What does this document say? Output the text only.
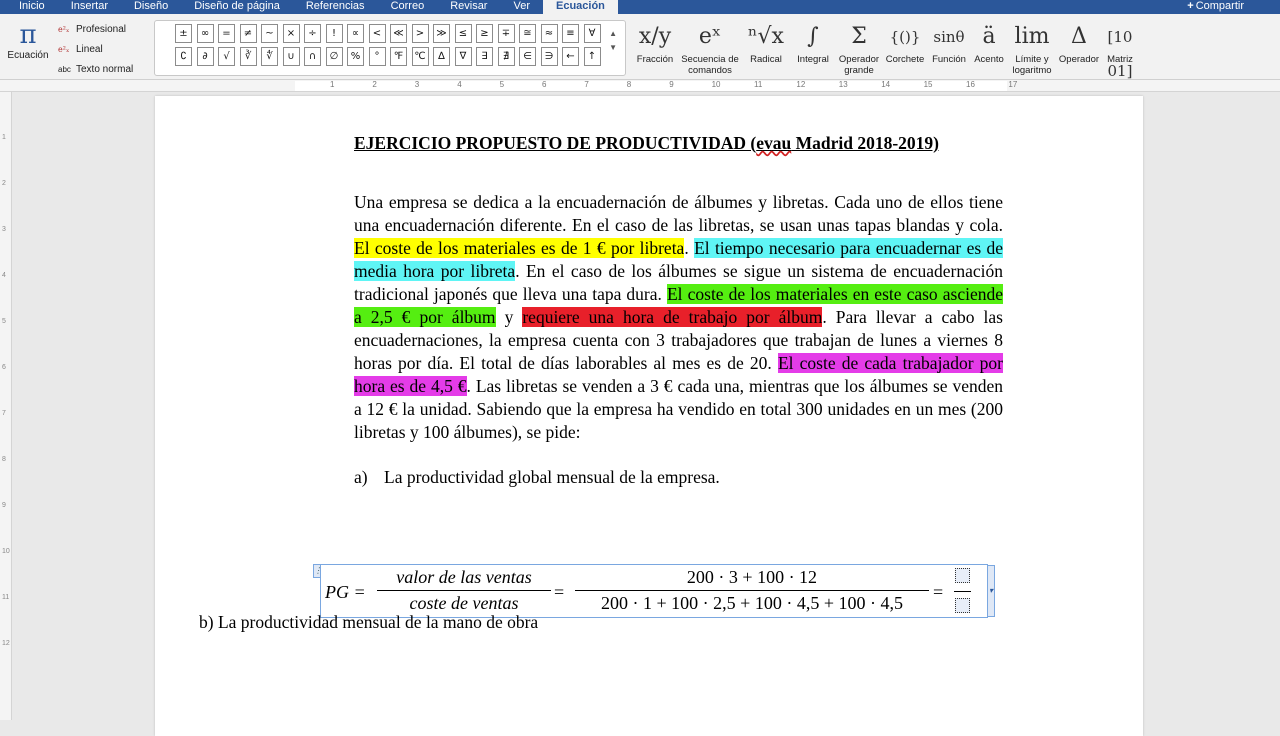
Inicio	Insertar	Diseño	Diseño de página	Referencias	Correo	Revisar	Ver	Ecuación	+ Compartir
π
Ecuación
e²ₓ Profesional
e²ₓ Lineal
abc Texto normal
±	∞	=	≠	~	×	÷	!	∝	<	≪	>	≫	≤	≥	∓	≅	≈	≡	∀
∁	∂	√	∛	∜	∪	∩	∅	%	°	℉	℃	∆	∇	∃	∄	∈	∋	←	↑
▲
▼ x/y
Fracción
eˣ
Secuencia de comandos
ⁿ√x
Radical
∫
Integral
Σ
Operador grande
{()}
Corchete
sinθ
Función
ä
Acento
lim
Límite y logaritmo
Δ
Operador
[10 01]
Matriz
1	2	3	4	5	6	7	8	9	10	11	12	13	14	15	16	17
1
2
3
4
5
6
7
8
9
10
11
12
EJERCICIO PROPUESTO DE PRODUCTIVIDAD (evau Madrid 2018-2019)
Una empresa se dedica a la encuadernación de álbumes y libretas. Cada uno de ellos tiene una encuadernación diferente. En el caso de las libretas, se usan unas tapas blandas y cola. El coste de los materiales es de 1 € por libreta. El tiempo necesario para encuadernar es de media hora por libreta. En el caso de los álbumes se sigue un sistema de encuadernación tradicional japonés que lleva una tapa dura. El coste de los materiales en este caso asciende a 2,5 € por álbum y requiere una hora de trabajo por álbum. Para llevar a cabo las encuadernaciones, la empresa cuenta con 3 trabajadores que trabajan de lunes a viernes 8 horas por día. El total de días laborables al mes es de 20. El coste de cada trabajador por hora es de 4,5 €. Las libretas se venden a 3 € cada una, mientras que los álbumes se venden a 12 € la unidad. Sabiendo que la empresa ha vendido en total 300 unidades en un mes (200 libretas y 100 álbumes), se pide:
a) La productividad global mensual de la empresa.
⋮
PG =
valor de las ventas
coste de ventas
=
200 · 3 + 100 · 12
200 · 1 + 100 · 2,5 + 100 · 4,5 + 100 · 4,5
=	▾
b) La productividad mensual de la mano de obra
